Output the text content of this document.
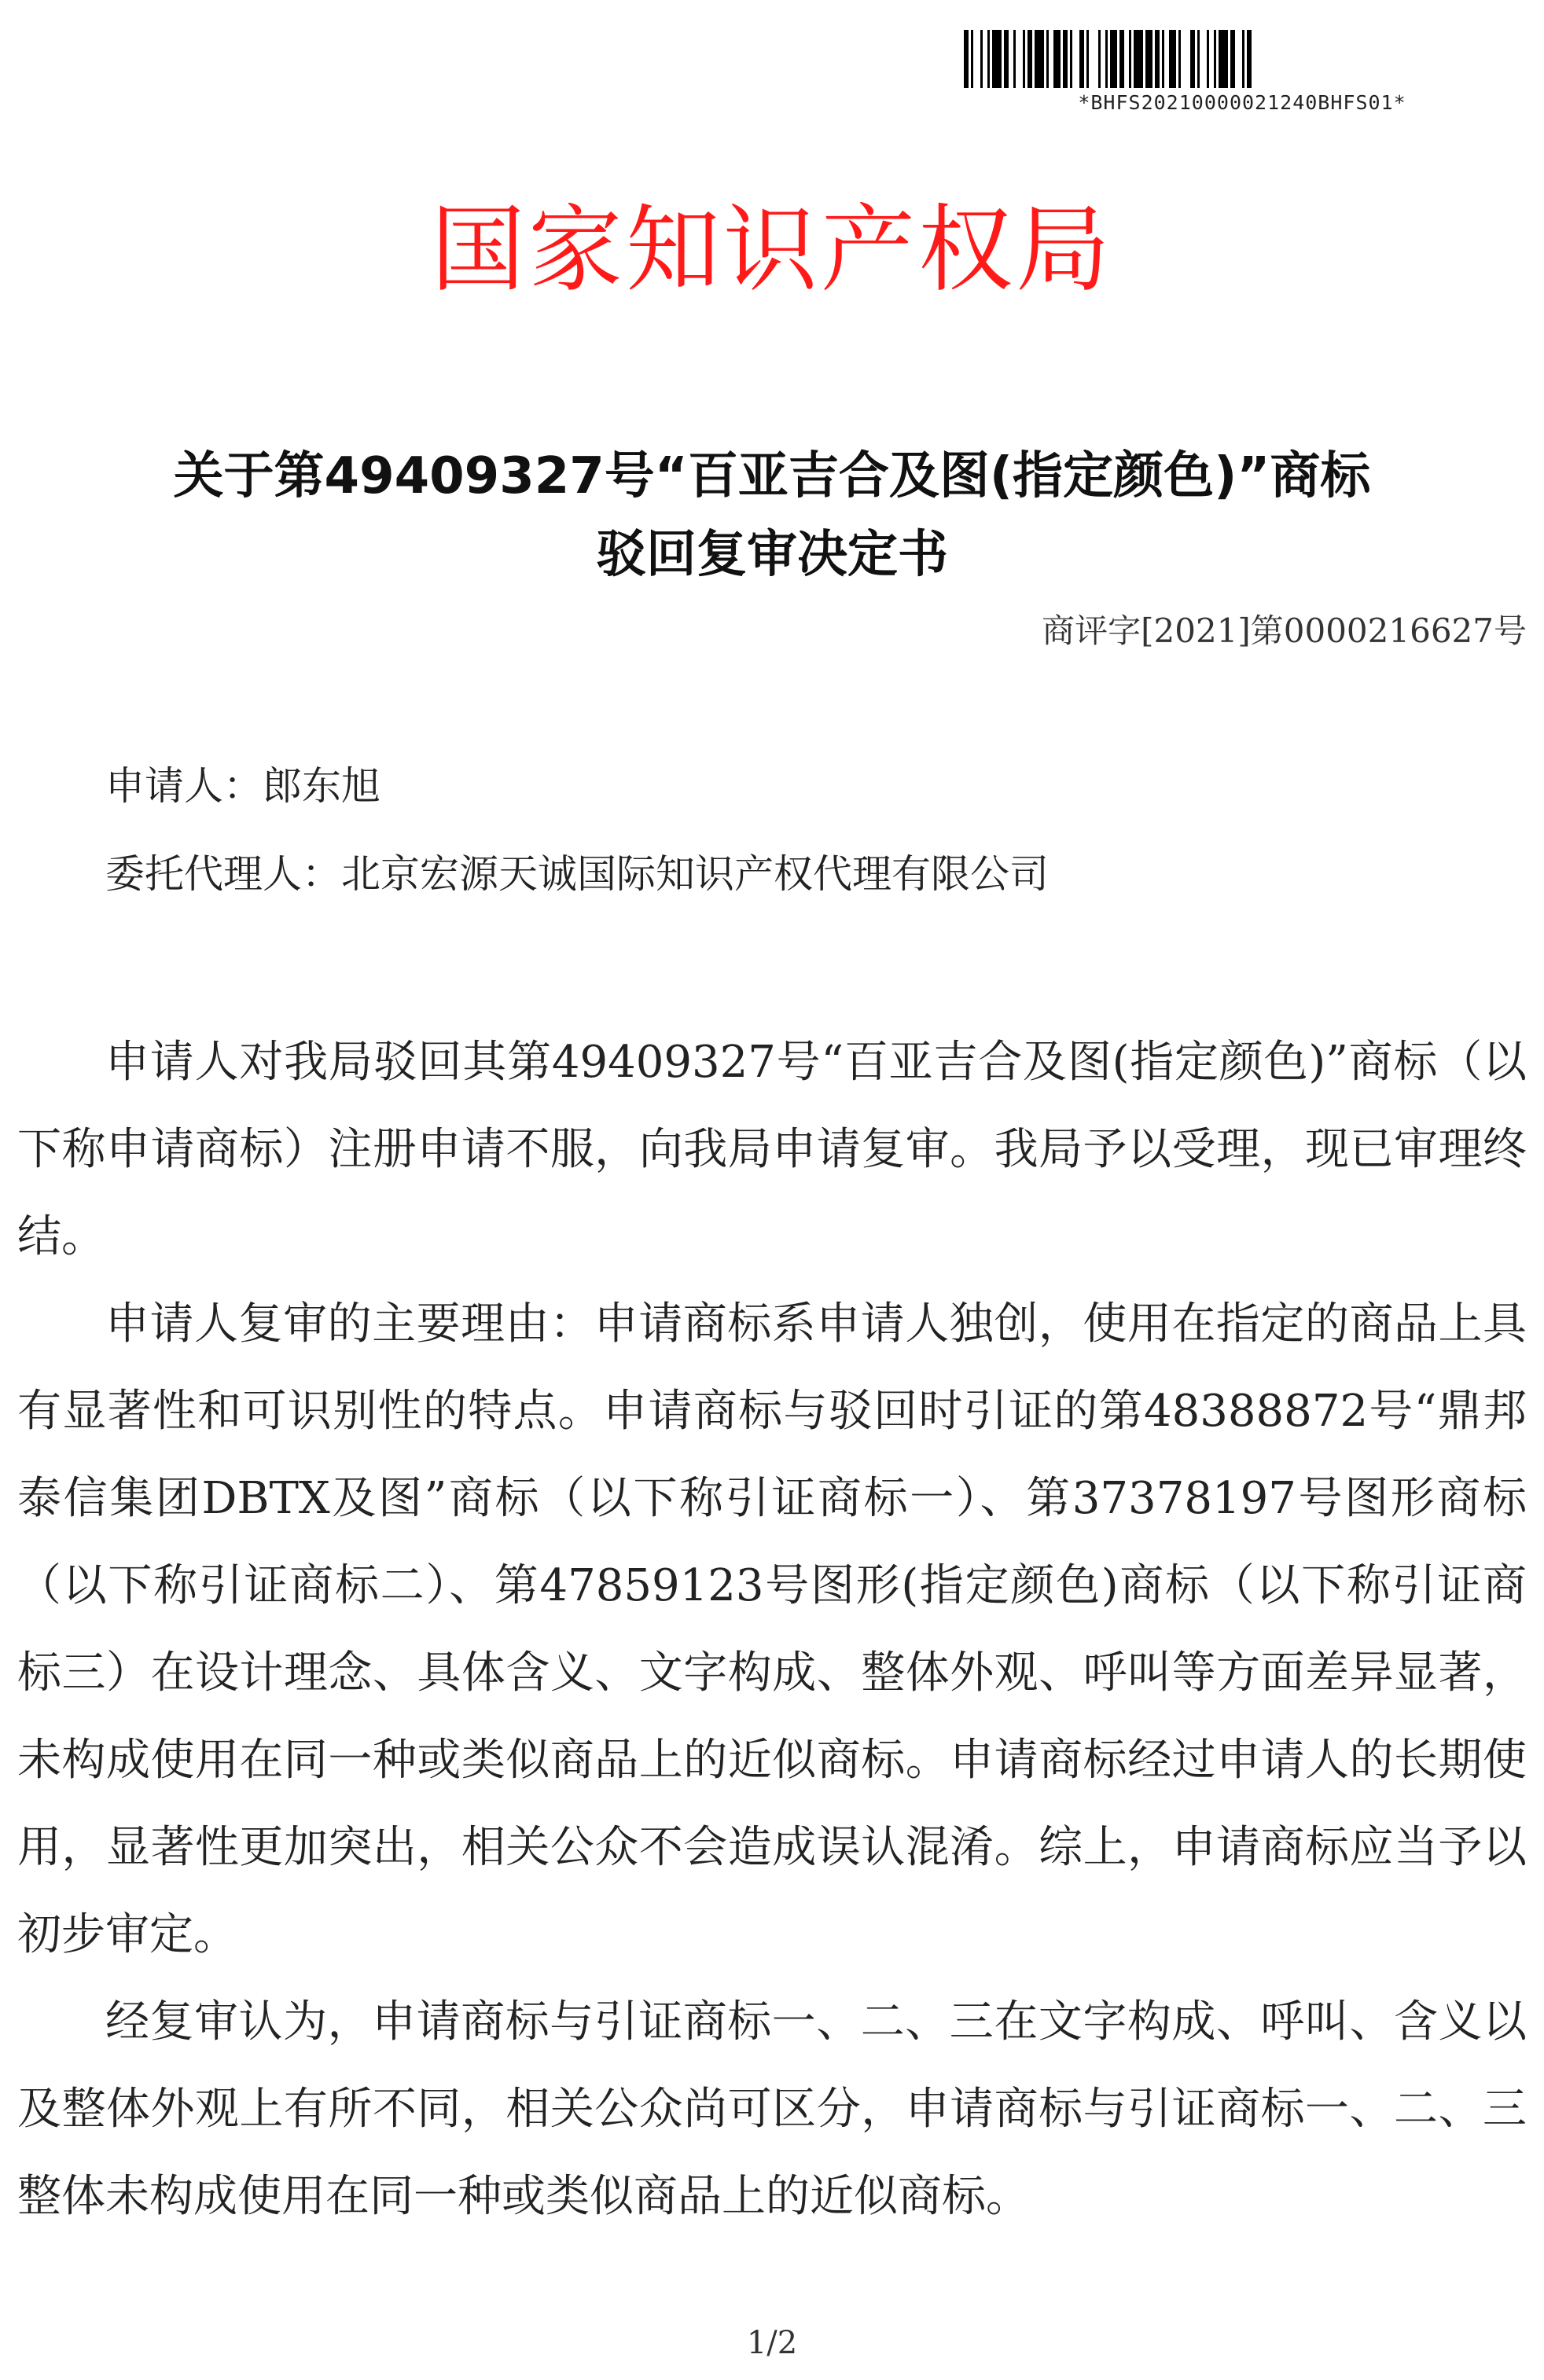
*BHFS20210000021240BHFS01*
国家知识产权局
关于第49409327号“百亚吉合及图(指定颜色)”商标
驳回复审决定书
商评字[2021]第0000216627号
申请人：郎东旭
委托代理人：北京宏源天诚国际知识产权代理有限公司

申请人对我局驳回其第49409327号“百亚吉合及图(指定颜色)”商标（以下称申请商标）注册申请不服，向我局申请复审。我局予以受理，现已审理终结。

申请人复审的主要理由：申请商标系申请人独创，使用在指定的商品上具有显著性和可识别性的特点。申请商标与驳回时引证的第48388872号“鼎邦泰信集团DBTX及图”商标（以下称引证商标一）、第37378197号图形商标（以下称引证商标二）、第47859123号图形(指定颜色)商标（以下称引证商标三）在设计理念、具体含义、文字构成、整体外观、呼叫等方面差异显著，未构成使用在同一种或类似商品上的近似商标。申请商标经过申请人的长期使用，显著性更加突出，相关公众不会造成误认混淆。综上，申请商标应当予以初步审定。

经复审认为，申请商标与引证商标一、二、三在文字构成、呼叫、含义以及整体外观上有所不同，相关公众尚可区分，申请商标与引证商标一、二、三整体未构成使用在同一种或类似商品上的近似商标。

1/2
